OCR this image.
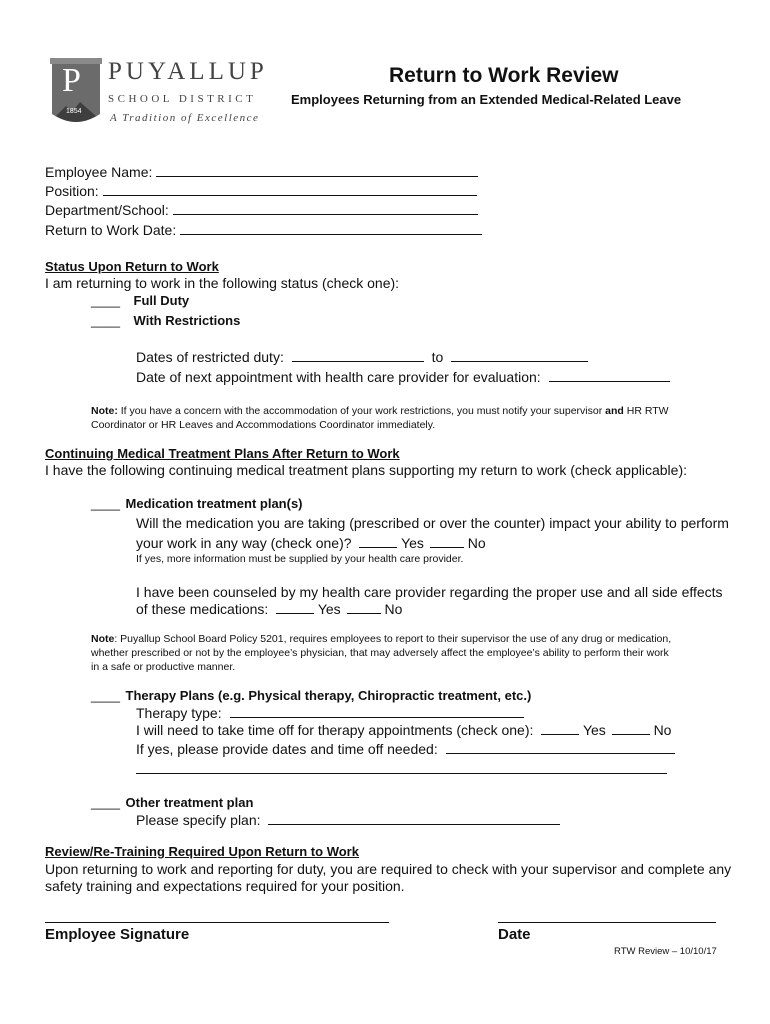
P
1854
PUYALLUP
SCHOOL DISTRICT
A Tradition of Excellence
Return to Work Review
Employees Returning from an Extended Medical-Related Leave
Employee Name:
Position:
Department/School:
Return to Work Date:
Status Upon Return to Work
I am returning to work in the following status (check one):
____ Full Duty
____ With Restrictions
Dates of restricted duty:	to
Date of next appointment with health care provider for evaluation:
Note: If you have a concern with the accommodation of your work restrictions, you must notify your supervisor and HR RTW
Coordinator or HR Leaves and Accommodations Coordinator immediately.
Continuing Medical Treatment Plans After Return to Work
I have the following continuing medical treatment plans supporting my return to work (check applicable):
____ Medication treatment plan(s)
Will the medication you are taking (prescribed or over the counter) impact your ability to perform
your work in any way (check one)?	Yes	No
If yes, more information must be supplied by your health care provider.
I have been counseled by my health care provider regarding the proper use and all side effects
of these medications:	Yes	No
Note: Puyallup School Board Policy 5201, requires employees to report to their supervisor the use of any drug or medication,
whether prescribed or not by the employee’s physician, that may adversely affect the employee’s ability to perform their work
in a safe or productive manner.
____ Therapy Plans (e.g. Physical therapy, Chiropractic treatment, etc.)
Therapy type:
I will need to take time off for therapy appointments (check one):	Yes	No
If yes, please provide dates and time off needed:
____ Other treatment plan
Please specify plan:
Review/Re-Training Required Upon Return to Work
Upon returning to work and reporting for duty, you are required to check with your supervisor and complete any
safety training and expectations required for your position.
Employee Signature	Date
RTW Review – 10/10/17
